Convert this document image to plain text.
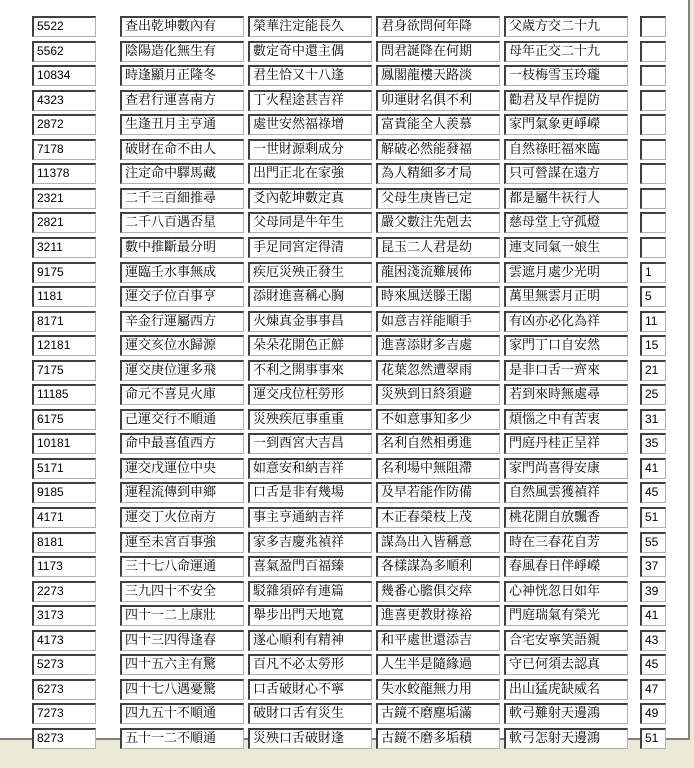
5522	查出乾坤數內有	榮華注定能長久	君身欲問何年降	父歲方交二十九
5562	陰陽造化無生有	數定奇中還主偶	問君誕降在何期	母年正交二十九
10834	時逢顯月正隆冬	君生恰又十八逢	鳳閣龍樓天路淡	一枝梅雪玉玲瓏
4323	查君行運喜南方	丁火程途甚吉祥	卯運財名俱不利	勸君及早作提防
2872	生逢丑月主亨通	處世安然福祿增	富貴能全人羨慕	家門氣象更崢嶸
7178	破財在命不由人	一世財源剩成分	解破必然能發福	自然祿旺福來臨
11378	注定命中驛馬藏	出門正北在家強	為人精細多才局	只可營謀在遠方
2321	二千三百細推尋	爻內乾坤數定真	父母生庚皆已定	都是屬牛祆行人
2821	二千八百遇否星	父母同是牛年生	嚴父數注先剋去	慈母堂上守孤燈
3211	數中推斷最分明	手足同宮定得清	昆玉二人君是幼	連支同氣一娘生
9175	運臨壬水事無成	疾厄災殃正發生	龍困淺流難展佈	雲遮月處少光明	1
1181	運交子位百事亨	添財進喜稱心胸	時來風送滕王閣	萬里無雲月正明	5
8171	辛金行運屬西方	火煉真金事事昌	如意吉祥能順手	有凶亦必化為祥	11
12181	運交亥位水歸源	朵朵花開色正鮮	進喜添財多吉處	家門丁口自安然	15
7175	運交庚位運多飛	不利之開事事來	花葉忽然遭翠雨	是非口舌一齊來	21
11185	命元不喜見火庫	運交戌位枉勞形	災殃到日終須避	若到來時無處尋	25
6175	己運交行不順通	災殃疾厄事重重	不如意事知多少	煩惱之中有苦衷	31
10181	命中最喜值西方	一到酉宮大吉昌	名利自然相勇進	門庭丹桂正呈祥	35
5171	運交戊運位中央	如意安和納吉祥	名利場中無阻滯	家門尚喜得安康	41
9185	運程流傳到申鄉	口舌是非有幾場	及早若能作防備	自然風雲獲禎祥	45
4171	運交丁火位南方	事主亨通納吉祥	木正春榮枝上茂	桃花開自放飄香	51
8181	運至未宮百事強	家多吉慶兆禎祥	謀為出入皆稱意	時在三春花自芳	55
1173	三十七八命運通	喜氣盈門百福臻	各樣謀為多順利	春風春日伴崢嶸	37
2273	三九四十不安全	駁雜須碎有連篇	幾番心膽俱交瘁	心神恍忽日如年	39
3173	四十一二上康壯	舉步出門天地寬	進喜更教財祿裕	門庭瑞氣有榮光	41
4173	四十三四得逢春	遂心順利有精神	和平處世還添吉	合宅安寧笑語親	43
5273	四十五六主有驚	百凡不必太勞形	人生半是隨緣過	守已何須去認真	45
6273	四十七八遇憂驚	口舌破財心不寧	失水蛟龍無力用	出山猛虎缺威名	47
7273	四九五十不順通	破財口舌有災生	古鏡不磨塵垢滿	軟弓難射天邊鴻	49
8273	五十一二不順通	災殃口舌破財逢	古鏡不磨多垢積	軟弓怎射天邊鴻	51
